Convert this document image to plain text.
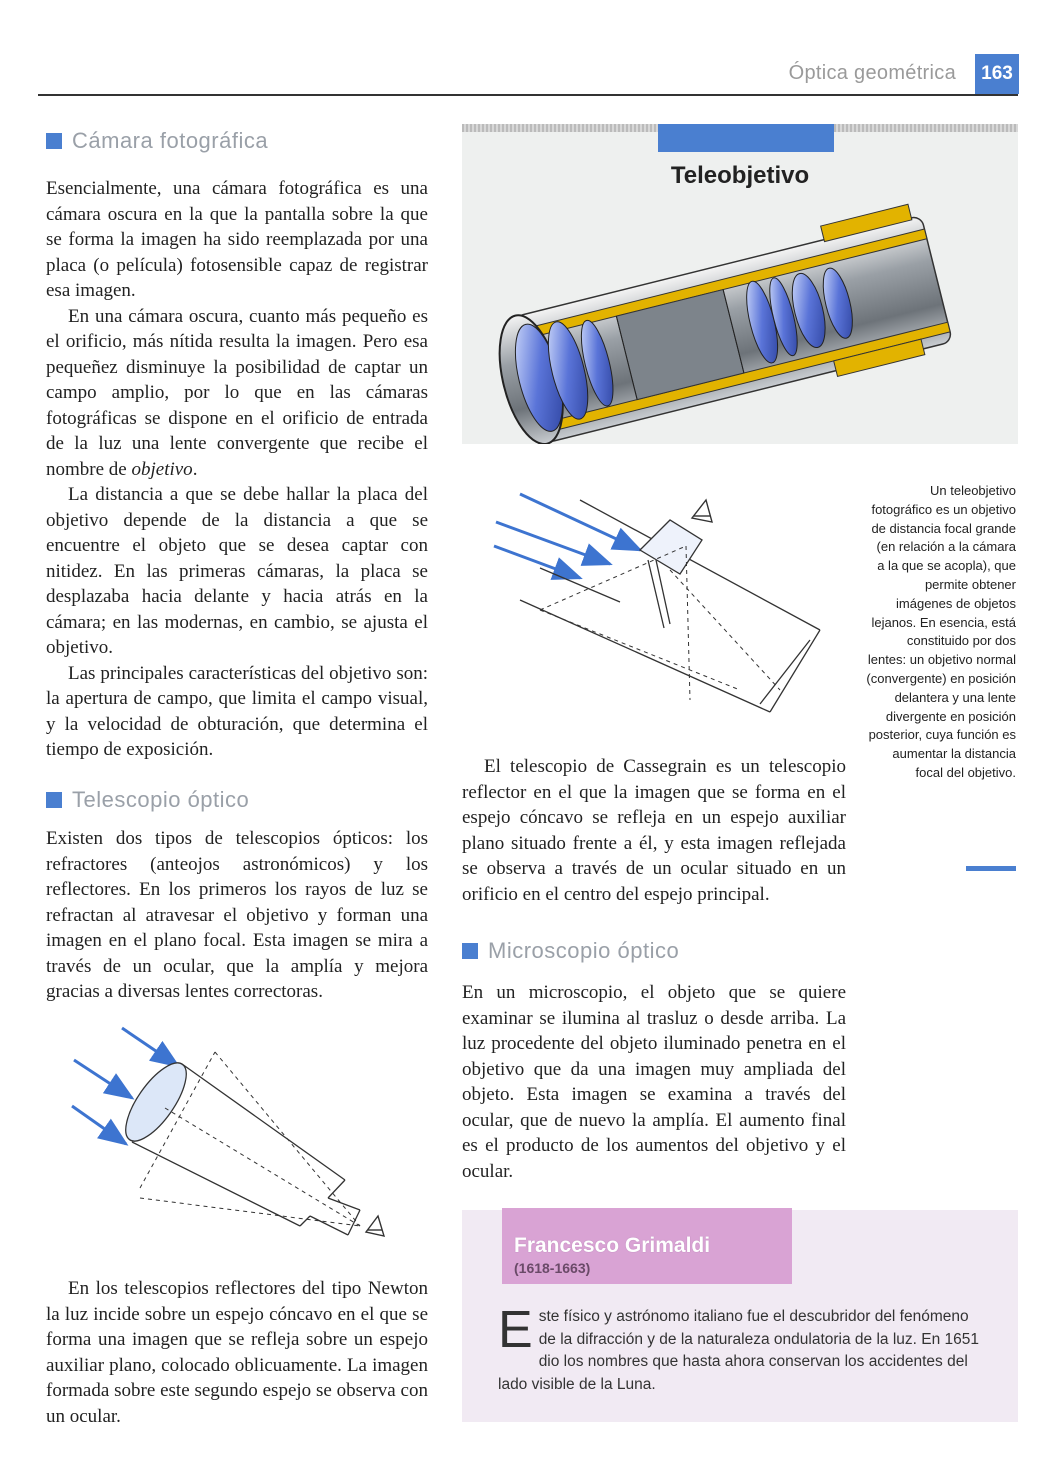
Óptica geométrica	163
Cámara fotográfica

Esencialmente, una cámara fotográfica es una cámara oscura en la que la pantalla sobre la que se forma la imagen ha sido reemplazada por una placa (o película) fotosensible capaz de registrar esa imagen.

En una cámara oscura, cuanto más pequeño es el orificio, más nítida resulta la imagen. Pero esa pequeñez disminuye la posibilidad de captar un campo amplio, por lo que en las cámaras fotográficas se dispone en el orificio de entrada de la luz una lente convergente que recibe el nombre de objetivo.

La distancia a que se debe hallar la placa del objetivo depende de la distancia a que se encuentre el objeto que se desea captar con nitidez. En las primeras cámaras, la placa se desplazaba hacia delante y hacia atrás en la cámara; en las modernas, en cambio, se ajusta el objetivo.

Las principales características del objetivo son: la apertura de campo, que limita el campo visual, y la velocidad de obturación, que determina el tiempo de exposición.

Telescopio óptico

Existen dos tipos de telescopios ópticos: los refractores (anteojos astronómicos) y los reflectores. En los primeros los rayos de luz se refractan al atravesar el objetivo y forman una imagen en el plano focal. Esta imagen se mira a través de un ocular, que la amplía y mejora gracias a diversas lentes correctoras.

En los telescopios reflectores del tipo Newton la luz incide sobre un espejo cóncavo en el que se forma una imagen que se refleja sobre un espejo auxiliar plano, colocado oblicuamente. La imagen formada sobre este segundo espejo se observa con un ocular.

Teleobjetivo
Un teleobjetivo fotográfico es un objetivo de distancia focal grande (en relación a la cámara a la que se acopla), que permite obtener imágenes de objetos lejanos. En esencia, está constituido por dos lentes: un objetivo normal (convergente) en posición delantera y una lente divergente en posición posterior, cuya función es aumentar la distancia focal del objetivo.

El telescopio de Cassegrain es un telescopio reflector en el que la imagen que se forma en el espejo cóncavo se refleja en un espejo auxiliar plano situado frente a él, y esta imagen reflejada se observa a través de un ocular situado en un orificio en el centro del espejo principal.

Microscopio óptico

En un microscopio, el objeto que se quiere examinar se ilumina al trasluz o desde arriba. La luz procedente del objeto iluminado penetra en el objetivo que da una imagen muy ampliada del objeto. Esta imagen se examina a través del ocular, que de nuevo la amplía. El aumento final es el producto de los aumentos del objetivo y el ocular.

Francesco Grimaldi
(1618-1663)
E ste físico y astrónomo italiano fue el descubridor del fenómeno de la difracción y de la naturaleza ondulatoria de la luz. En 1651 dio los nombres que hasta ahora conservan los accidentes del lado visible de la Luna.
